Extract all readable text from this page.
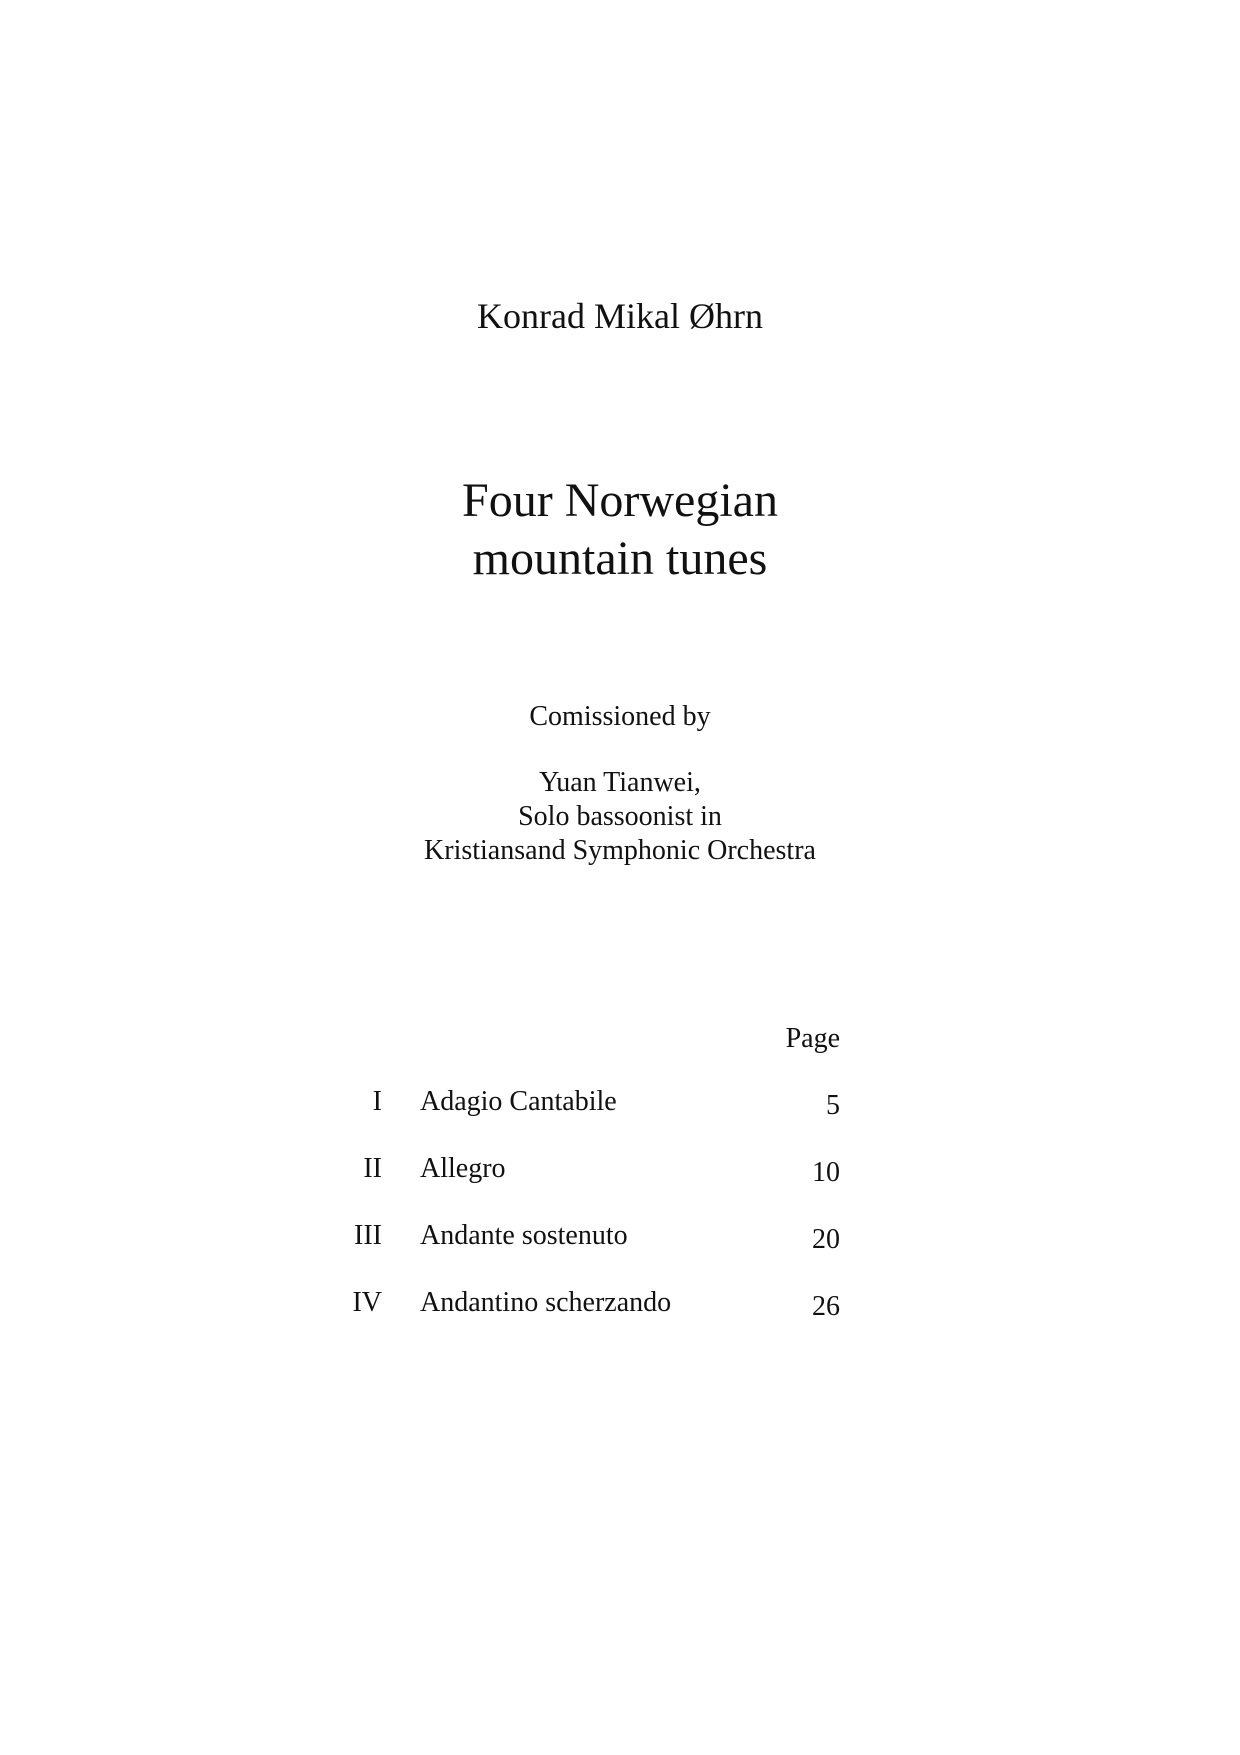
Konrad Mikal Øhrn
Four Norwegian
mountain tunes
Comissioned by
Yuan Tianwei,
Solo bassoonist in
Kristiansand Symphonic Orchestra
Page
I Adagio Cantabile	5
II Allegro	10
III Andante sostenuto	20
IV Andantino scherzando	26
